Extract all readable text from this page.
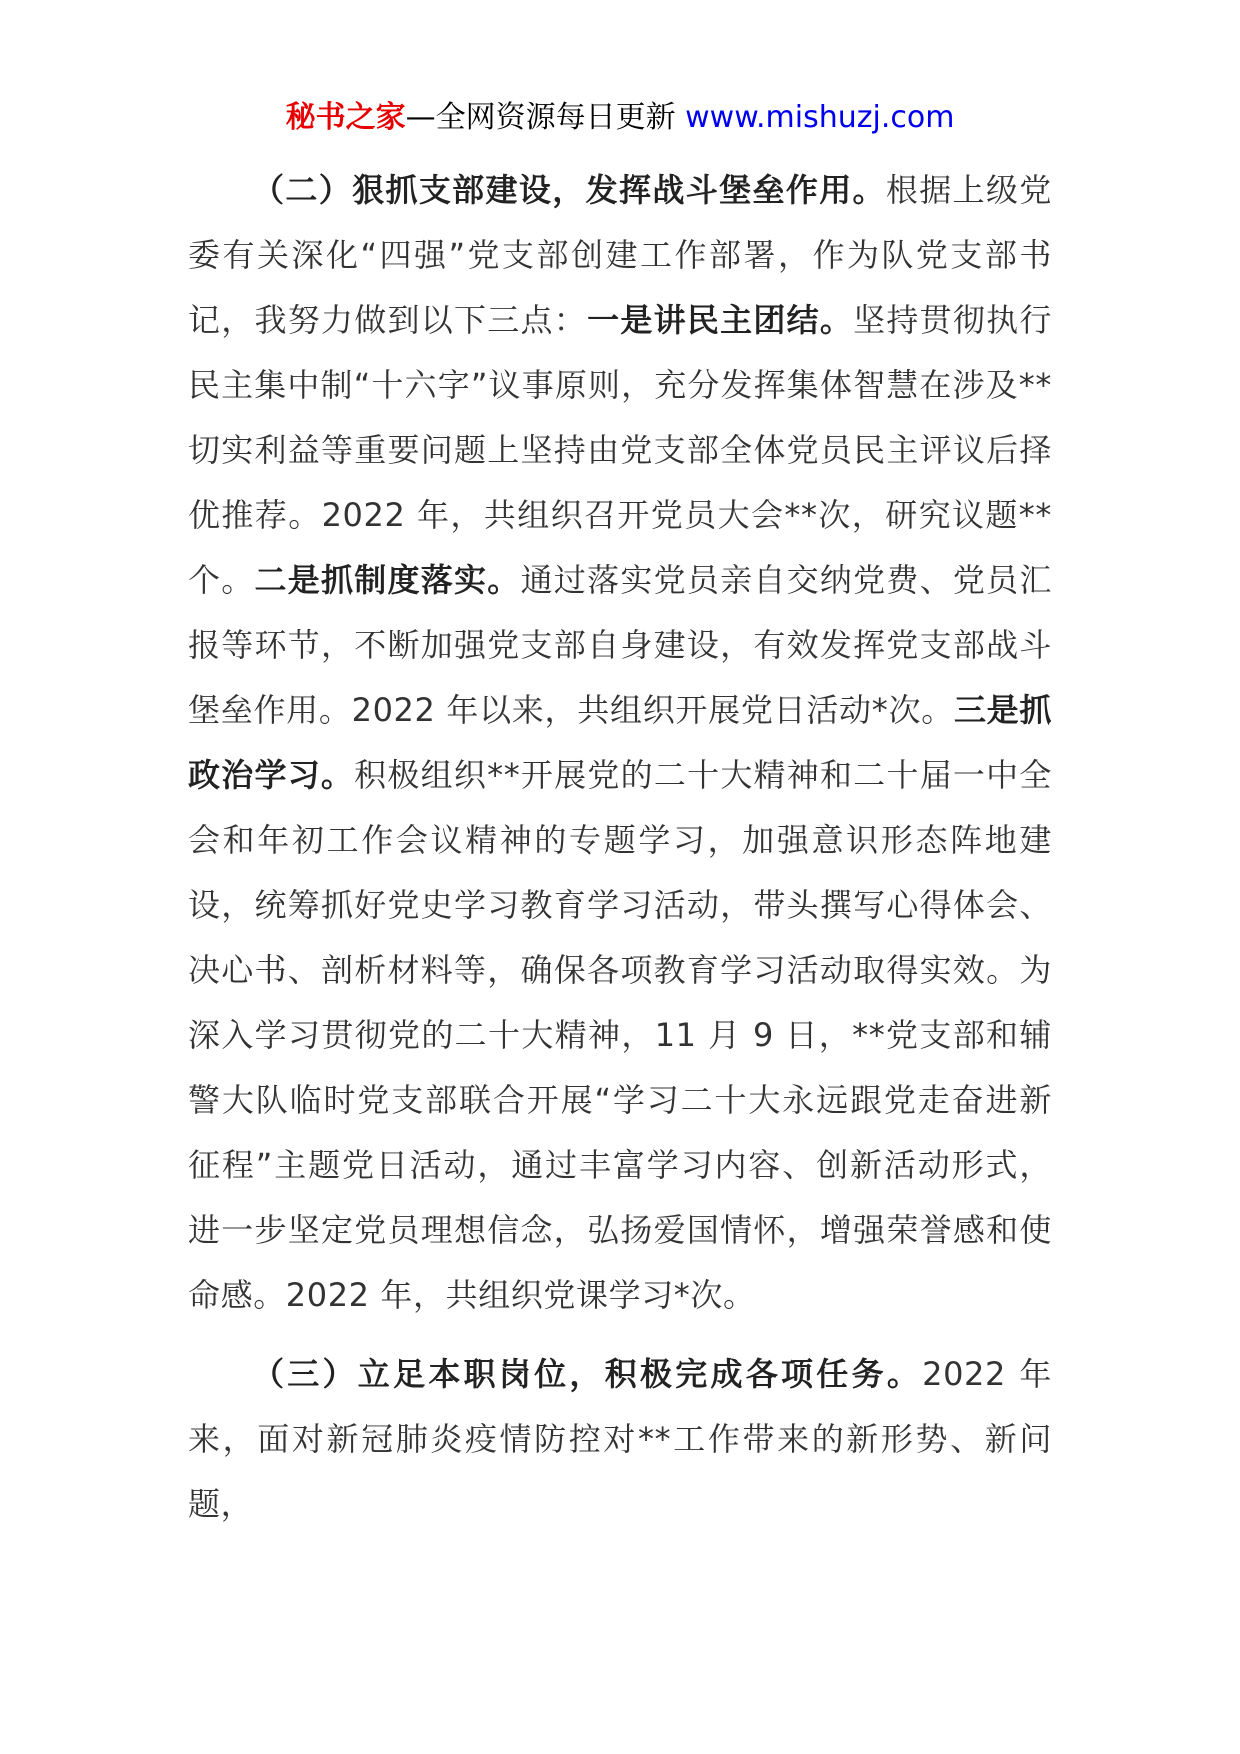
秘书之家—全网资源每日更新 www.mishuzj.com

（二）狠抓支部建设，发挥战斗堡垒作用。根据上级党委有关深化“四强”党支部创建工作部署，作为队党支部书记，我努力做到以下三点：一是讲民主团结。坚持贯彻执行民主集中制“十六字”议事原则，充分发挥集体智慧在涉及**切实利益等重要问题上坚持由党支部全体党员民主评议后择优推荐。2022 年，共组织召开党员大会**次，研究议题**个。二是抓制度落实。通过落实党员亲自交纳党费、党员汇报等环节，不断加强党支部自身建设，有效发挥党支部战斗堡垒作用。2022 年以来，共组织开展党日活动*次。三是抓政治学习。积极组织**开展党的二十大精神和二十届一中全会和年初工作会议精神的专题学习，加强意识形态阵地建设，统筹抓好党史学习教育学习活动，带头撰写心得体会、决心书、剖析材料等，确保各项教育学习活动取得实效。为深入学习贯彻党的二十大精神，11 月 9 日，**党支部和辅警大队临时党支部联合开展“学习二十大永远跟党走奋进新征程”主题党日活动，通过丰富学习内容、创新活动形式，进一步坚定党员理想信念，弘扬爱国情怀，增强荣誉感和使命感。2022 年，共组织党课学习*次。

（三）立足本职岗位，积极完成各项任务。2022 年来，面对新冠肺炎疫情防控对**工作带来的新形势、新问题，
